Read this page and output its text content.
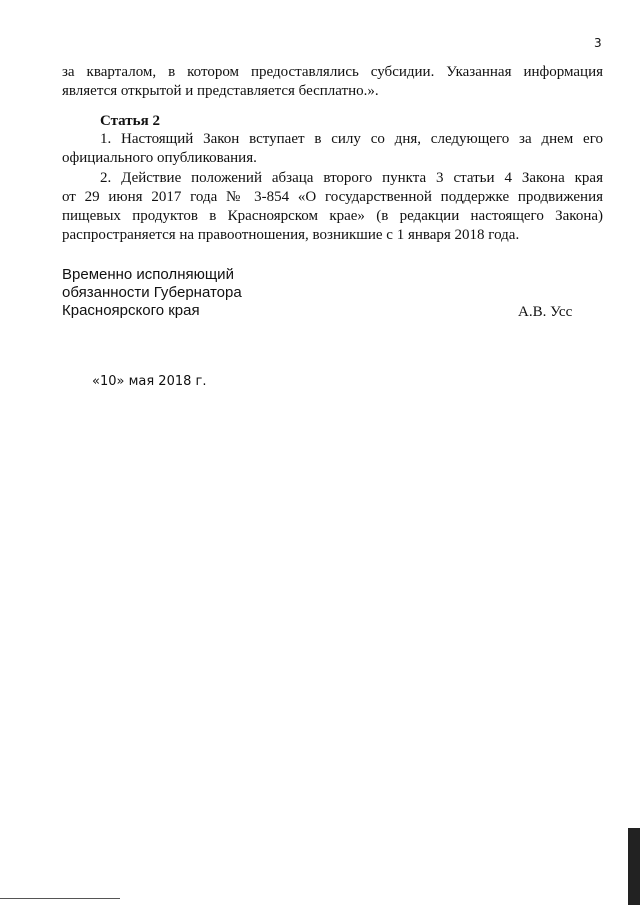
3
за кварталом, в котором предоставлялись субсидии. Указанная информация
является открытой и представляется бесплатно.».
Статья 2
1. Настоящий Закон вступает в силу со дня, следующего за днем его
официального опубликования.
2. Действие положений абзаца второго пункта 3 статьи 4 Закона края
от 29 июня 2017 года № 3-854 «О государственной поддержке продвижения
пищевых продуктов в Красноярском крае» (в редакции настоящего Закона)
распространяется на правоотношения, возникшие с 1 января 2018 года.
Временно исполняющий
обязанности Губернатора
Красноярского края	А.В. Усс
«10» мая 2018 г.
